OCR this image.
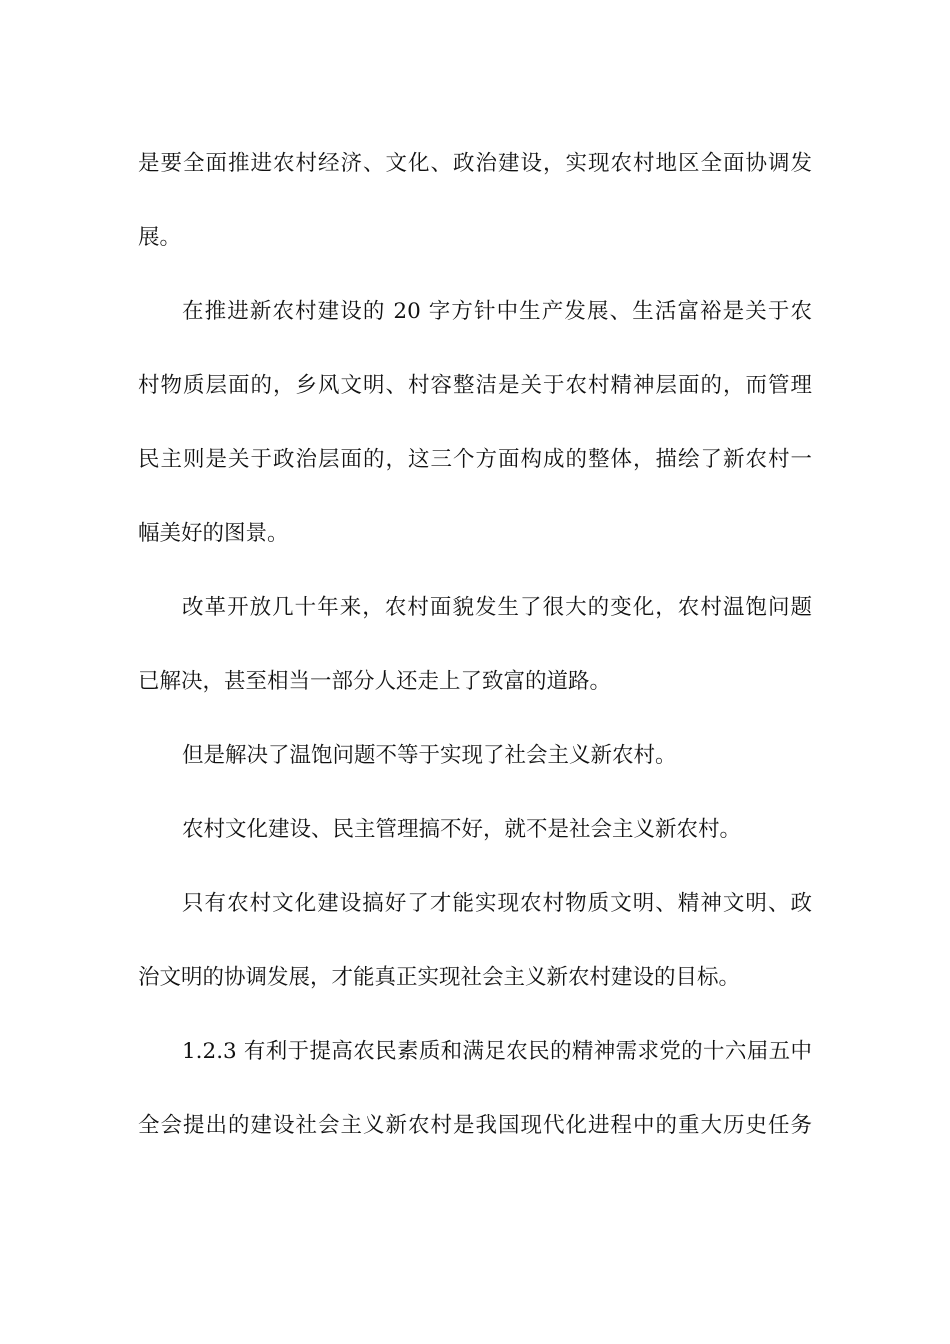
是要全面推进农村经济、文化、政治建设，实现农村地区全面协调发
展。
在推进新农村建设的 20 字方针中生产发展、生活富裕是关于农
村物质层面的，乡风文明、村容整洁是关于农村精神层面的，而管理
民主则是关于政治层面的，这三个方面构成的整体，描绘了新农村一
幅美好的图景。
改革开放几十年来，农村面貌发生了很大的变化，农村温饱问题
已解决，甚至相当一部分人还走上了致富的道路。
但是解决了温饱问题不等于实现了社会主义新农村。
农村文化建设、民主管理搞不好，就不是社会主义新农村。
只有农村文化建设搞好了才能实现农村物质文明、精神文明、政
治文明的协调发展，才能真正实现社会主义新农村建设的目标。
1.2.3 有利于提高农民素质和满足农民的精神需求党的十六届五中
全会提出的建设社会主义新农村是我国现代化进程中的重大历史任务
